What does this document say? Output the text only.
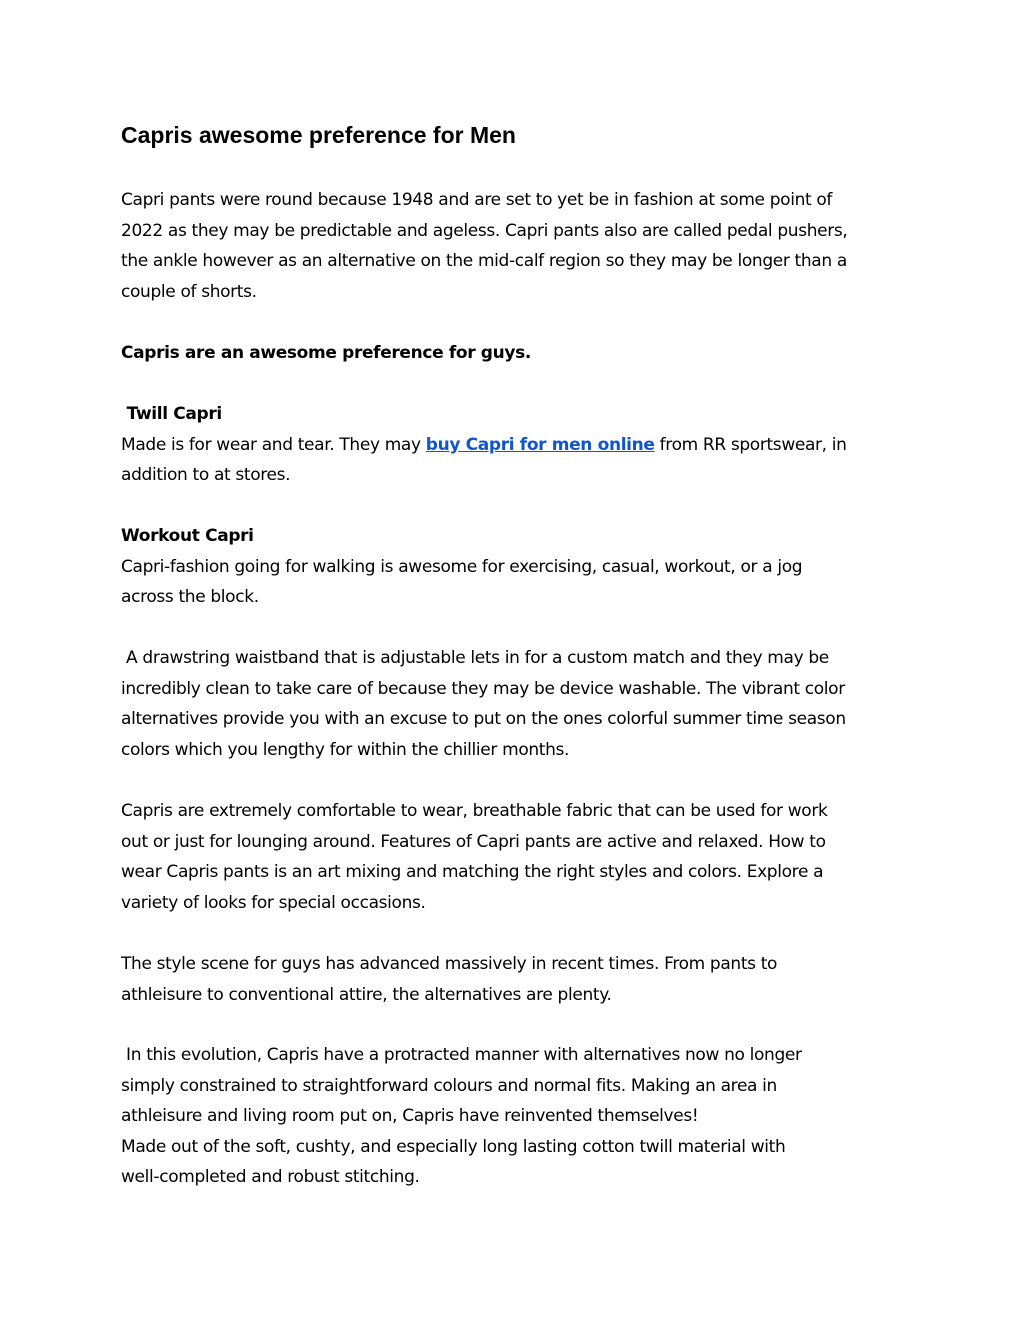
Capris awesome preference for Men
Capri pants were round because 1948 and are set to yet be in fashion at some point of
2022 as they may be predictable and ageless. Capri pants also are called pedal pushers,
the ankle however as an alternative on the mid-calf region so they may be longer than a
couple of shorts.
Capris are an awesome preference for guys.
Twill Capri
Made is for wear and tear. They may buy Capri for men online from RR sportswear, in
addition to at stores.
Workout Capri
Capri-fashion going for walking is awesome for exercising, casual, workout, or a jog
across the block.
A drawstring waistband that is adjustable lets in for a custom match and they may be
incredibly clean to take care of because they may be device washable. The vibrant color
alternatives provide you with an excuse to put on the ones colorful summer time season
colors which you lengthy for within the chillier months.
Capris are extremely comfortable to wear, breathable fabric that can be used for work
out or just for lounging around. Features of Capri pants are active and relaxed. How to
wear Capris pants is an art mixing and matching the right styles and colors. Explore a
variety of looks for special occasions.
The style scene for guys has advanced massively in recent times. From pants to
athleisure to conventional attire, the alternatives are plenty.
In this evolution, Capris have a protracted manner with alternatives now no longer
simply constrained to straightforward colours and normal fits. Making an area in
athleisure and living room put on, Capris have reinvented themselves!
Made out of the soft, cushty, and especially long lasting cotton twill material with
well-completed and robust stitching.
